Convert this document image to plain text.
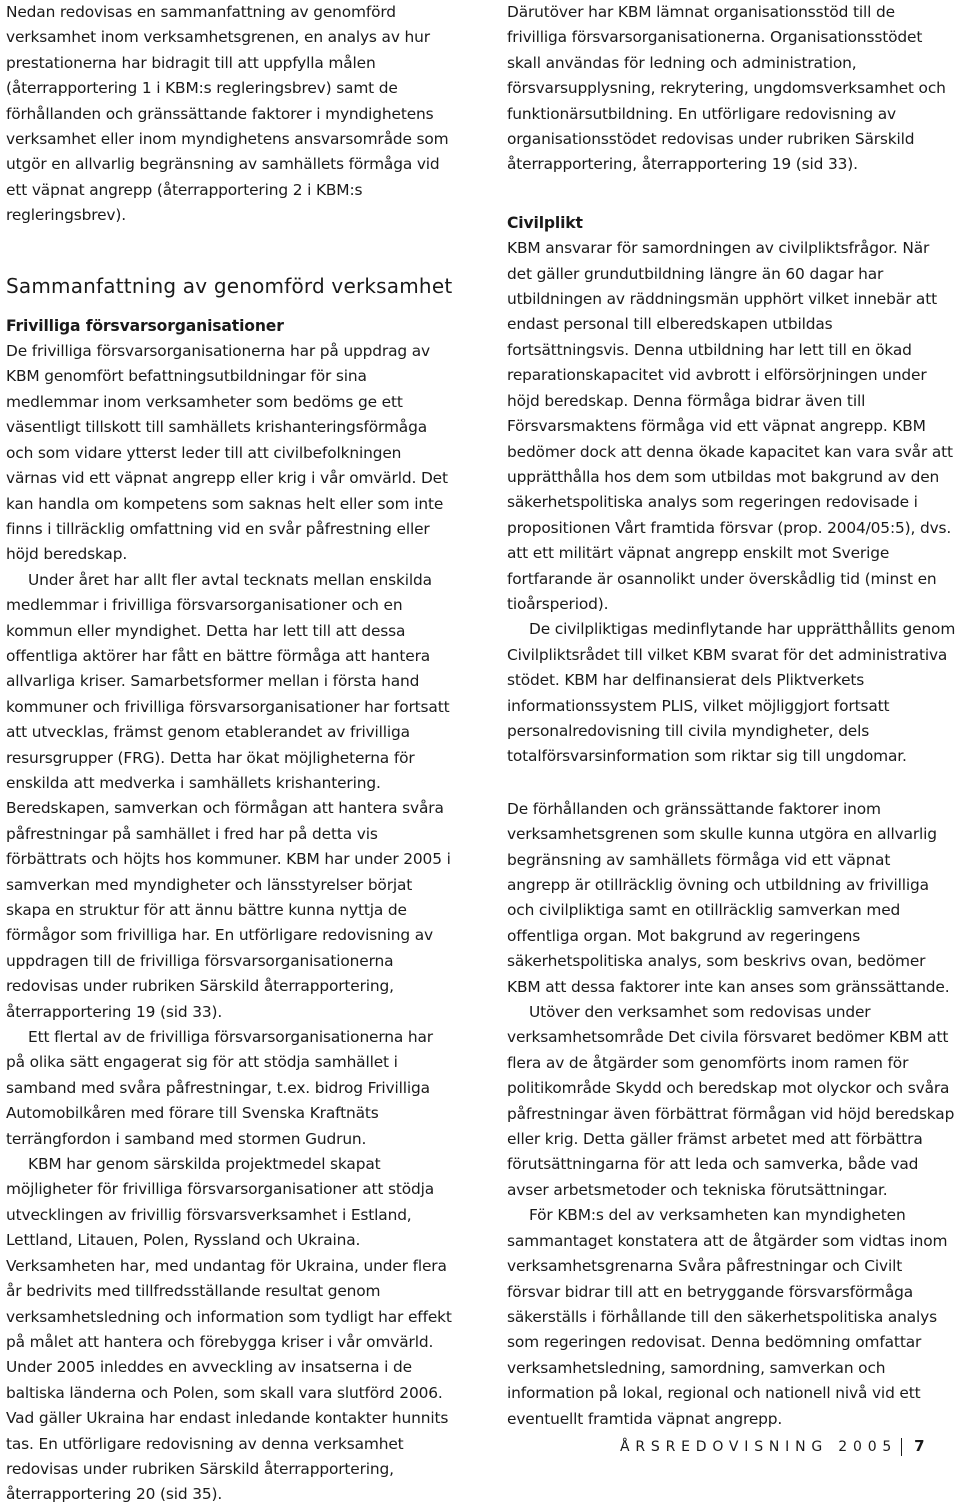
Nedan redovisas en sammanfattning av genomförd verksamhet inom verksamhetsgrenen, en analys av hur prestationerna har bidragit till att uppfylla målen (återrapportering 1 i KBM:s regleringsbrev) samt de förhållanden och gränssättande faktorer i myndighetens verksamhet eller inom myndighetens ansvarsområde som utgör en allvarlig begränsning av samhällets förmåga vid ett väpnat angrepp (återrapportering 2 i KBM:s regleringsbrev).

Sammanfattning av genomförd verksamhet
Frivilliga försvarsorganisationer

De frivilliga försvarsorganisationerna har på uppdrag av KBM genomfört befattningsutbildningar för sina medlemmar inom verksamheter som bedöms ge ett väsentligt tillskott till samhällets krishanteringsförmåga och som vidare ytterst leder till att civilbefolkningen värnas vid ett väpnat angrepp eller krig i vår omvärld. Det kan handla om kompetens som saknas helt eller som inte finns i tillräcklig omfattning vid en svår påfrestning eller höjd beredskap.

Under året har allt fler avtal tecknats mellan enskilda medlemmar i frivilliga försvarsorganisationer och en kommun eller myndighet. Detta har lett till att dessa offentliga aktörer har fått en bättre förmåga att hantera allvarliga kriser. Samarbetsformer mellan i första hand kommuner och frivilliga försvarsorganisationer har fortsatt att utvecklas, främst genom etablerandet av frivilliga resursgrupper (FRG). Detta har ökat möjligheterna för enskilda att medverka i samhällets krishantering. Beredskapen, samverkan och förmågan att hantera svåra påfrestningar på samhället i fred har på detta vis förbättrats och höjts hos kommuner. KBM har under 2005 i samverkan med myndigheter och länsstyrelser börjat skapa en struktur för att ännu bättre kunna nyttja de förmågor som frivilliga har. En utförligare redovisning av uppdragen till de frivilliga försvarsorganisationerna redovisas under rubriken Särskild återrapportering, återrapportering 19 (sid 33).

Ett flertal av de frivilliga försvarsorganisationerna har på olika sätt engagerat sig för att stödja samhället i samband med svåra påfrestningar, t.ex. bidrog Frivilliga Automobilkåren med förare till Svenska Kraftnäts terrängfordon i samband med stormen Gudrun.

KBM har genom särskilda projektmedel skapat möjligheter för frivilliga försvarsorganisationer att stödja utvecklingen av frivillig försvarsverksamhet i Estland, Lettland, Litauen, Polen, Ryssland och Ukraina. Verksamheten har, med undantag för Ukraina, under flera år bedrivits med tillfredsställande resultat genom verksamhetsledning och information som tydligt har effekt på målet att hantera och förebygga kriser i vår omvärld. Under 2005 inleddes en avveckling av insatserna i de baltiska länderna och Polen, som skall vara slutförd 2006. Vad gäller Ukraina har endast inledande kontakter hunnits tas. En utförligare redovisning av denna verksamhet redovisas under rubriken Särskild återrapportering, återrapportering 20 (sid 35).

Därutöver har KBM lämnat organisationsstöd till de frivilliga försvarsorganisationerna. Organisationsstödet skall användas för ledning och administration, försvarsupplysning, rekrytering, ungdomsverksamhet och funktionärsutbildning. En utförligare redovisning av organisationsstödet redovisas under rubriken Särskild återrapportering, återrapportering 19 (sid 33).

Civilplikt

KBM ansvarar för samordningen av civilpliktsfrågor. När det gäller grundutbildning längre än 60 dagar har utbildningen av räddningsmän upphört vilket innebär att endast personal till elberedskapen utbildas fortsättningsvis. Denna utbildning har lett till en ökad reparationskapacitet vid avbrott i elförsörjningen under höjd beredskap. Denna förmåga bidrar även till Försvarsmaktens förmåga vid ett väpnat angrepp. KBM bedömer dock att denna ökade kapacitet kan vara svår att upprätthålla hos dem som utbildas mot bakgrund av den säkerhetspolitiska analys som regeringen redovisade i propositionen Vårt framtida försvar (prop. 2004/05:5), dvs. att ett militärt väpnat angrepp enskilt mot Sverige fortfarande är osannolikt under överskådlig tid (minst en tioårsperiod).

De civilpliktigas medinflytande har upprätthållits genom Civilpliktsrådet till vilket KBM svarat för det administrativa stödet. KBM har delfinansierat dels Pliktverkets informationssystem PLIS, vilket möjliggjort fortsatt personalredovisning till civila myndigheter, dels totalförsvarsinformation som riktar sig till ungdomar.

De förhållanden och gränssättande faktorer inom verksamhetsgrenen som skulle kunna utgöra en allvarlig begränsning av samhällets förmåga vid ett väpnat angrepp är otillräcklig övning och utbildning av frivilliga och civilpliktiga samt en otillräcklig samverkan med offentliga organ. Mot bakgrund av regeringens säkerhetspolitiska analys, som beskrivs ovan, bedömer KBM att dessa faktorer inte kan anses som gränssättande.

Utöver den verksamhet som redovisas under verksamhetsområde Det civila försvaret bedömer KBM att flera av de åtgärder som genomförts inom ramen för politikområde Skydd och beredskap mot olyckor och svåra påfrestningar även förbättrat förmågan vid höjd beredskap eller krig. Detta gäller främst arbetet med att förbättra förutsättningarna för att leda och samverka, både vad avser arbetsmetoder och tekniska förutsättningar.

För KBM:s del av verksamheten kan myndigheten sammantaget konstatera att de åtgärder som vidtas inom verksamhetsgrenarna Svåra påfrestningar och Civilt försvar bidrar till att en betryggande försvarsförmåga säkerställs i förhållande till den säkerhetspolitiska analys som regeringen redovisat. Denna bedömning omfattar verksamhetsledning, samordning, samverkan och information på lokal, regional och nationell nivå vid ett eventuellt framtida väpnat angrepp.

ÅRSREDOVISNING 2005 7
